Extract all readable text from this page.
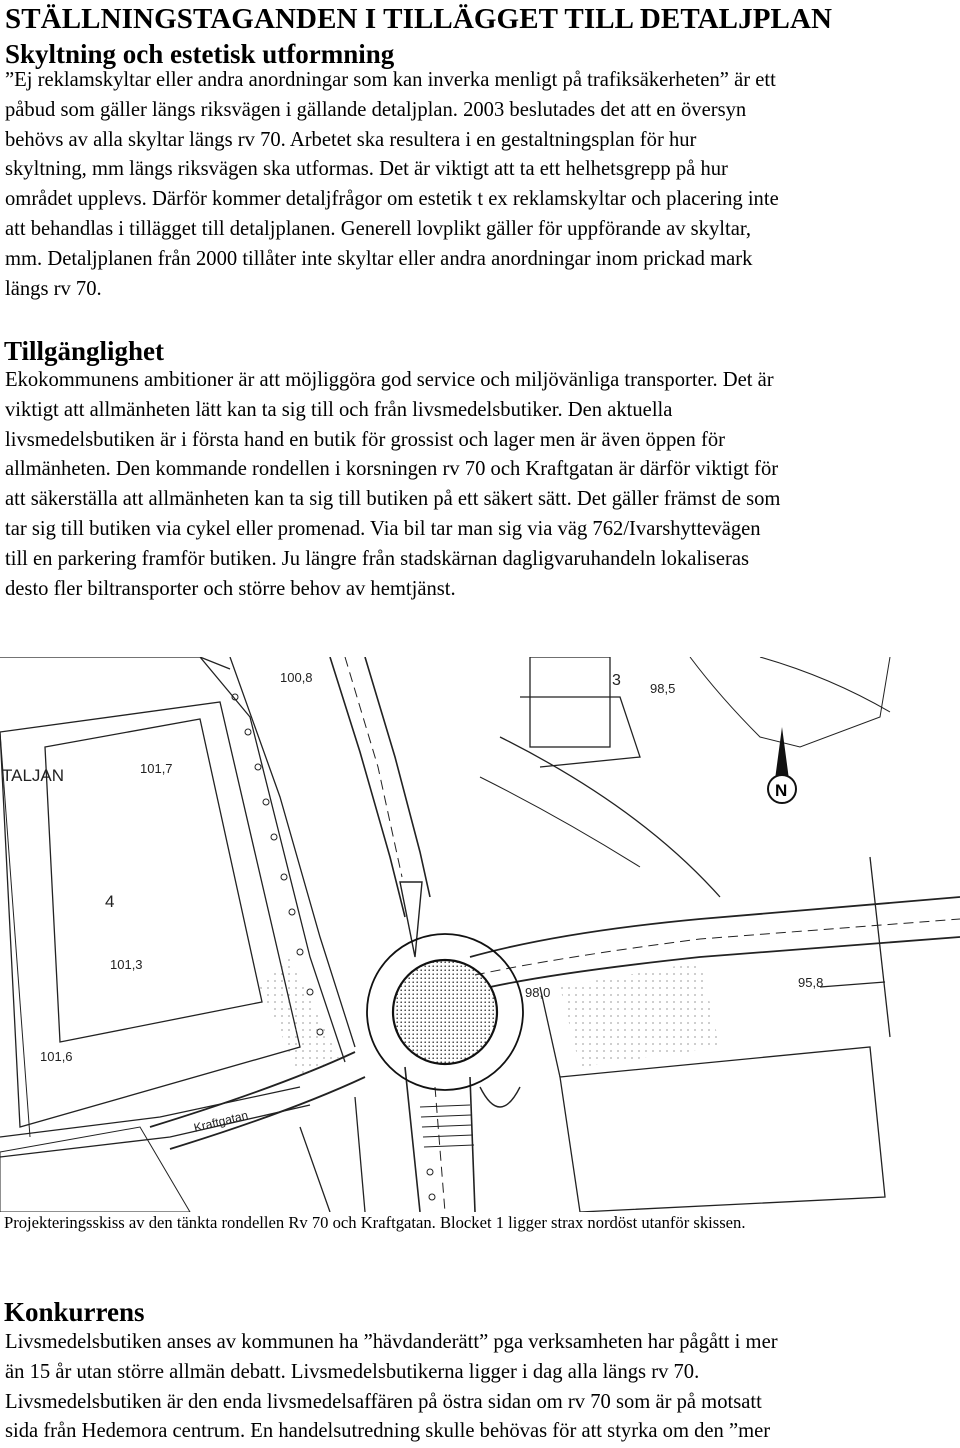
STÄLLNINGSTAGANDEN I TILLÄGGET TILL DETALJPLAN
Skyltning och estetisk utformning

”Ej reklamskyltar eller andra anordningar som kan inverka menligt på trafiksäkerheten” är ett
påbud som gäller längs riksvägen i gällande detaljplan. 2003 beslutades det att en översyn
behövs av alla skyltar längs rv 70. Arbetet ska resultera i en gestaltningsplan för hur
skyltning, mm längs riksvägen ska utformas. Det är viktigt att ta ett helhetsgrepp på hur
området upplevs. Därför kommer detaljfrågor om estetik t ex reklamskyltar och placering inte
att behandlas i tillägget till detaljplanen. Generell lovplikt gäller för uppförande av skyltar,
mm. Detaljplanen från 2000 tillåter inte skyltar eller andra anordningar inom prickad mark
längs rv 70.

Tillgänglighet

Ekokommunens ambitioner är att möjliggöra god service och miljövänliga transporter. Det är
viktigt att allmänheten lätt kan ta sig till och från livsmedelsbutiker. Den aktuella
livsmedelsbutiken är i första hand en butik för grossist och lager men är även öppen för
allmänheten. Den kommande rondellen i korsningen rv 70 och Kraftgatan är därför viktigt för
att säkerställa att allmänheten kan ta sig till butiken på ett säkert sätt. Det gäller främst de som
tar sig till butiken via cykel eller promenad. Via bil tar man sig via väg 762/Ivarshyttevägen
till en parkering framför butiken. Ju längre från stadskärnan dagligvaruhandeln lokaliseras
desto fler biltransporter och större behov av hemtjänst.

N
TALJAN
100,8
98,5
3
101,7
4
101,3
101,6
98,0
95,8
Kraftgatan

Projekteringsskiss av den tänkta rondellen Rv 70 och Kraftgatan. Blocket 1 ligger strax nordöst utanför skissen.

Konkurrens

Livsmedelsbutiken anses av kommunen ha ”hävdanderätt” pga verksamheten har pågått i mer
än 15 år utan större allmän debatt. Livsmedelsbutikerna ligger i dag alla längs rv 70.
Livsmedelsbutiken är den enda livsmedelsaffären på östra sidan om rv 70 som är på motsatt
sida från Hedemora centrum. En handelsutredning skulle behövas för att styrka om den ”mer
